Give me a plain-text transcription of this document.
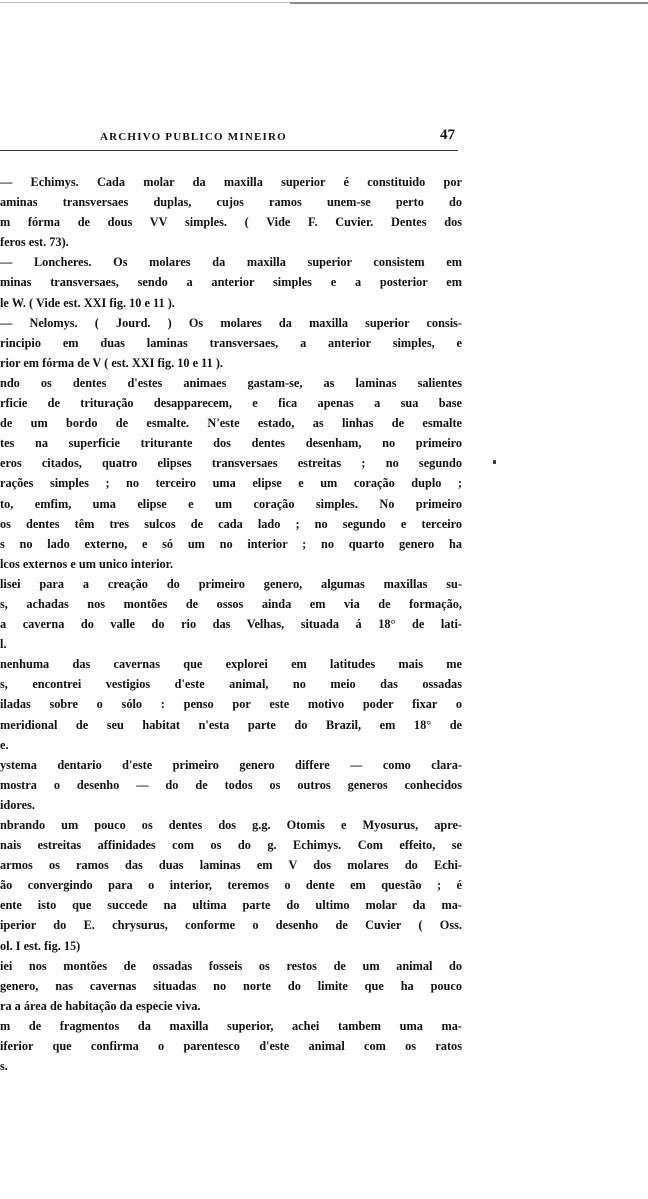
ARCHIVO PUBLICO MINEIRO	47
— Echimys. Cada molar da maxilla superior é constituido por
aminas transversaes duplas, cujos ramos unem-se perto do
m fórma de dous VV simples. ( Vide F. Cuvier. Dentes dos
feros est. 73).
— Loncheres. Os molares da maxilla superior consistem em
minas transversaes, sendo a anterior simples e a posterior em
le W. ( Vide est. XXI fig. 10 e 11 ).
— Nelomys. ( Jourd. ) Os molares da maxilla superior consis-
rincipio em duas laminas transversaes, a anterior simples, e
rior em fórma de V ( est. XXI fig. 10 e 11 ).
ndo os dentes d'estes animaes gastam-se, as laminas salientes
rficie de trituração desapparecem, e fica apenas a sua base
de um bordo de esmalte. N'este estado, as linhas de esmalte
tes na superficie triturante dos dentes desenham, no primeiro
eros citados, quatro elipses transversaes estreitas ; no segundo
rações simples ; no terceiro uma elipse e um coração duplo ;
to, emfim, uma elipse e um coração simples. No primeiro
os dentes têm tres sulcos de cada lado ; no segundo e terceiro
s no lado externo, e só um no interior ; no quarto genero ha
lcos externos e um unico interior.
lisei para a creação do primeiro genero, algumas maxillas su-
s, achadas nos montões de ossos ainda em via de formação,
a caverna do valle do rio das Velhas, situada á 18° de lati-
l.
nenhuma das cavernas que explorei em latitudes mais me
s, encontrei vestigios d'este animal, no meio das ossadas
iladas sobre o sólo : penso por este motivo poder fixar o
meridional de seu habitat n'esta parte do Brazil, em 18° de
e.
ystema dentario d'este primeiro genero differe — como clara-
mostra o desenho — do de todos os outros generos conhecidos
idores.
nbrando um pouco os dentes dos g.g. Otomis e Myosurus, apre-
nais estreitas affinidades com os do g. Echimys. Com effeito, se
armos os ramos das duas laminas em V dos molares do Echi-
ão convergindo para o interior, teremos o dente em questão ; é
ente isto que succede na ultima parte do ultimo molar da ma-
iperior do E. chrysurus, conforme o desenho de Cuvier ( Oss.
ol. I est. fig. 15)
iei nos montões de ossadas fosseis os restos de um animal do
genero, nas cavernas situadas no norte do limite que ha pouco
ra a área de habitação da especie viva.
m de fragmentos da maxilla superior, achei tambem uma ma-
iferior que confirma o parentesco d'este animal com os ratos
s.
